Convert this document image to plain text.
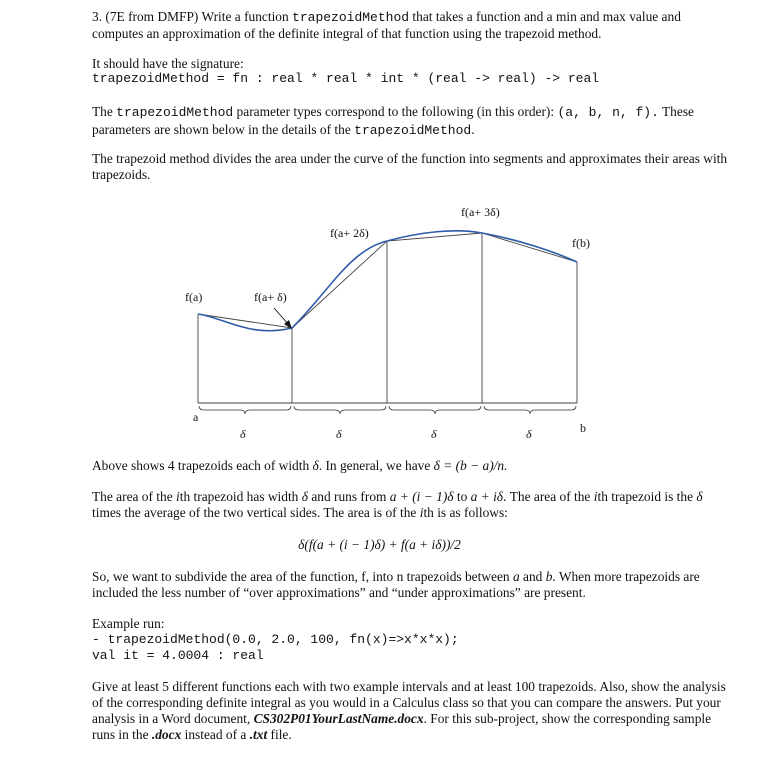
3. (7E from DMFP) Write a function trapezoidMethod that takes a function and a min and max value and computes an approximation of the definite integral of that function using the trapezoid method.
It should have the signature:
trapezoidMethod = fn : real * real * int * (real -> real) -> real
The trapezoidMethod parameter types correspond to the following (in this order): (a, b, n, f). These parameters are shown below in the details of the trapezoidMethod.
The trapezoid method divides the area under the curve of the function into segments and approximates their areas with trapezoids.
f(a)	f(a+ δ)
f(a+ 2δ)
f(a+ 3δ)
f(b)
a
b
δ	δ	δ	δ
Above shows 4 trapezoids each of width δ. In general, we have δ = (b − a)/n.
The area of the ith trapezoid has width δ and runs from a + (i − 1)δ to a + iδ. The area of the ith trapezoid is the δ times the average of the two vertical sides. The area is of the ith is as follows:
δ(f(a + (i − 1)δ) + f(a + iδ))/2
So, we want to subdivide the area of the function, f, into n trapezoids between a and b. When more trapezoids are included the less number of “over approximations” and “under approximations” are present.
Example run:
- trapezoidMethod(0.0, 2.0, 100, fn(x)=>x*x*x);
val it = 4.0004 : real
Give at least 5 different functions each with two example intervals and at least 100 trapezoids. Also, show the analysis of the corresponding definite integral as you would in a Calculus class so that you can compare the answers. Put your analysis in a Word document, CS302P01YourLastName.docx. For this sub-project, show the corresponding sample runs in the .docx instead of a .txt file.
